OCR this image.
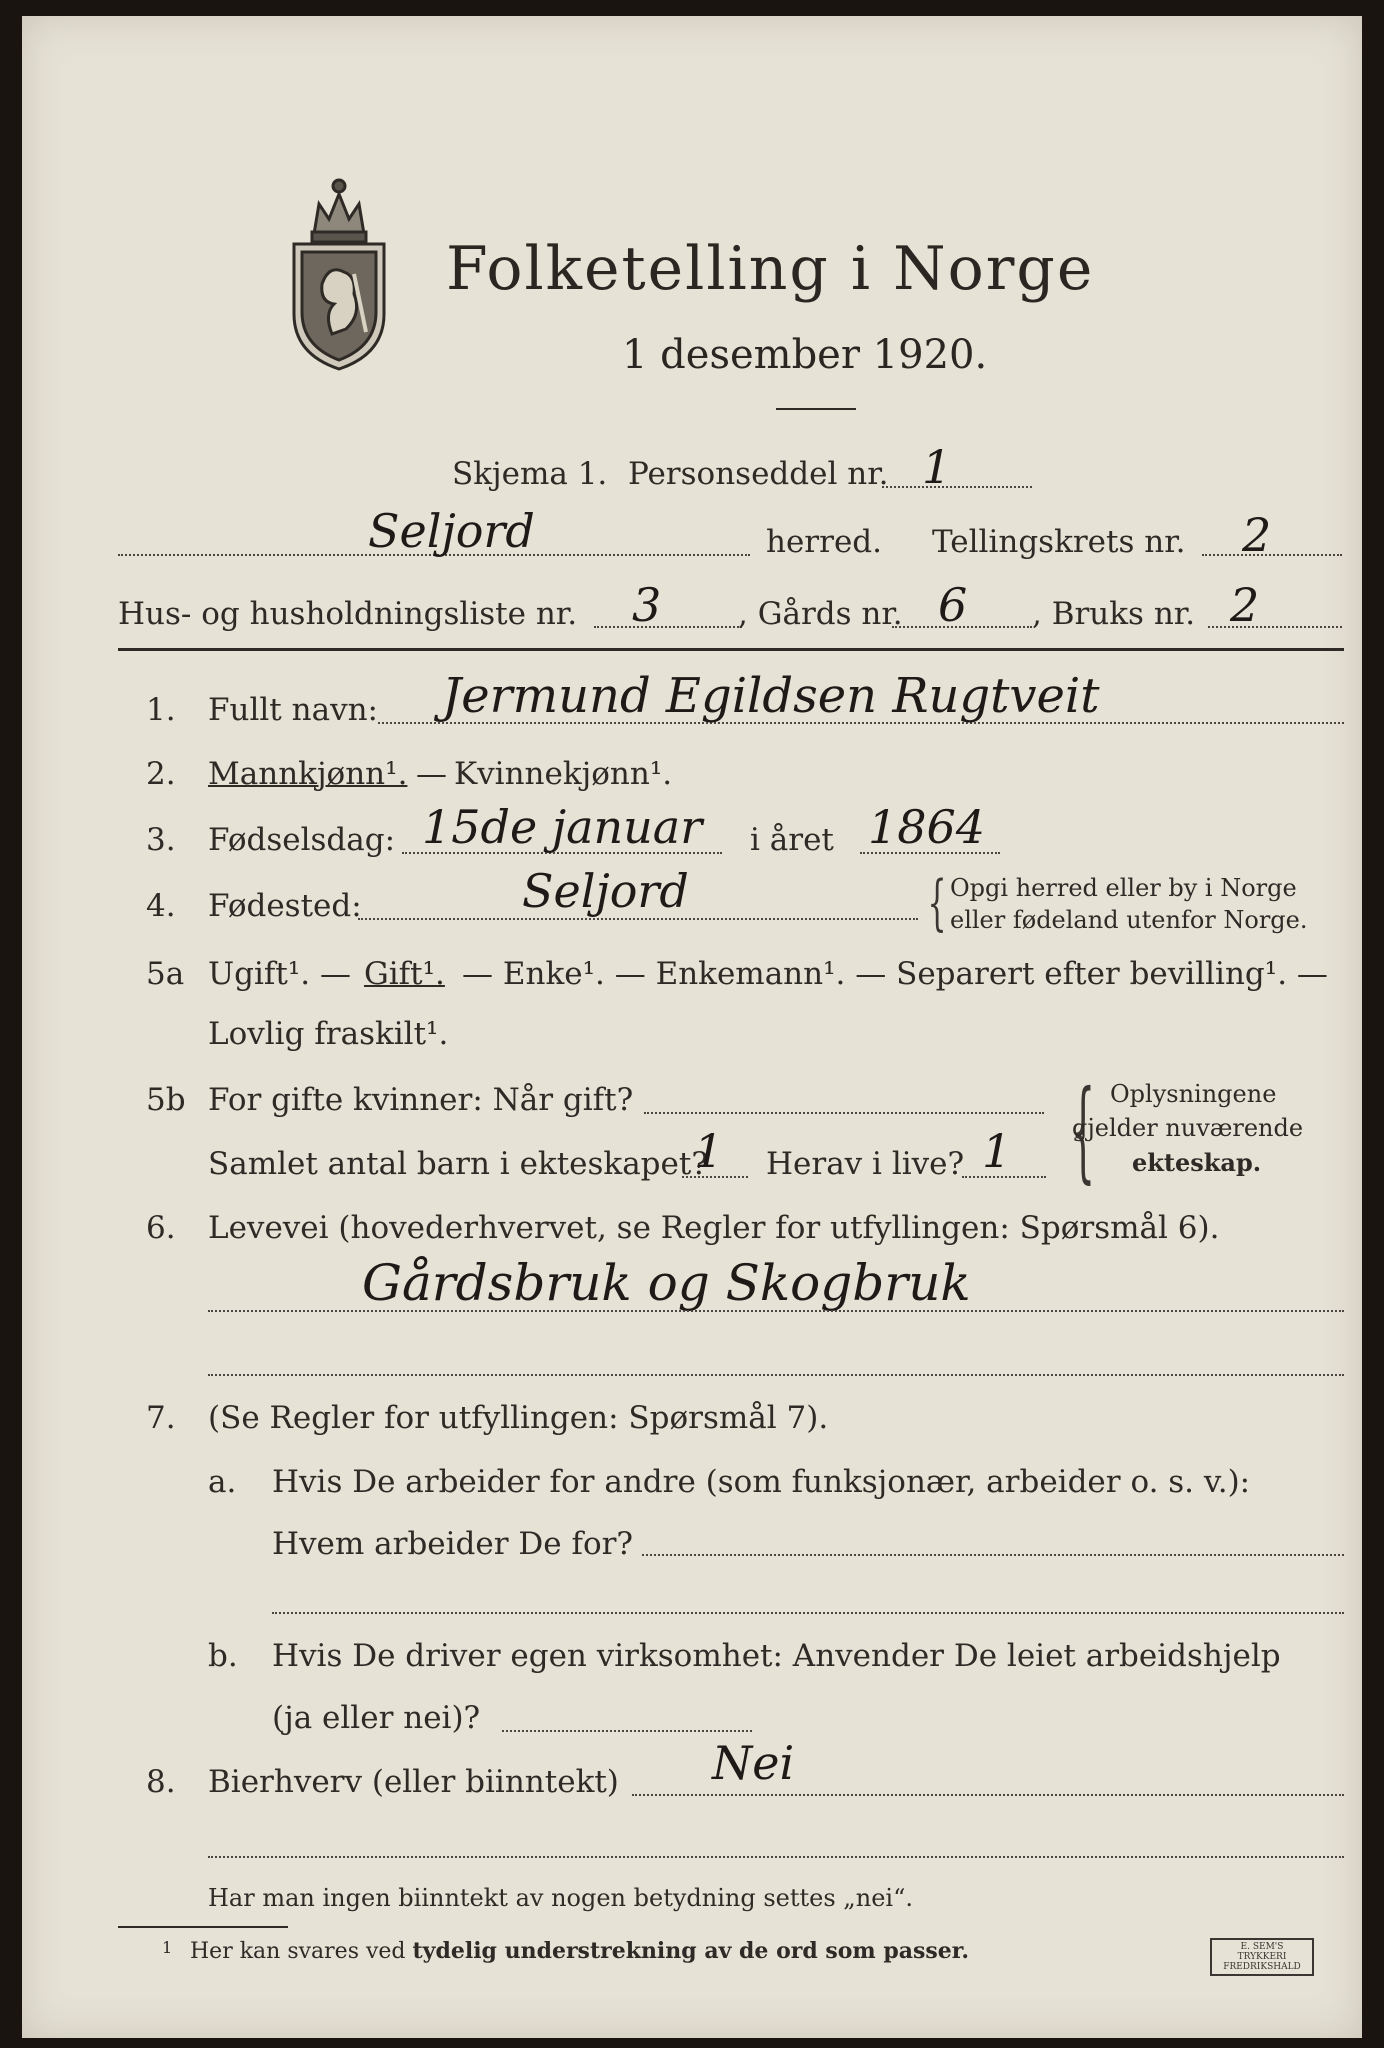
Folketelling i Norge
1 desember 1920.
Skjema 1. Personseddel nr. 1
Seljord	herred. Tellingskrets nr. 2
Hus- og husholdningsliste nr. 3 , Gårds nr. 6 , Bruks nr. 2
1. Fullt navn: Jermund Egildsen Rugtveit
2. Mannkjønn¹. — Kvinnekjønn¹.
3. Fødselsdag: 15de januar i året 1864
4. Fødested:	Seljord	{ Opgi herred eller by i Norge
eller fødeland utenfor Norge.
5a Ugift¹. — Gift¹. — Enke¹. — Enkemann¹. — Separert efter bevilling¹. —
Lovlig fraskilt¹.
5b For gifte kvinner: Når gift?
Samlet antal barn i ekteskapet?
1 Herav i live? 1 { Oplysningene
gjelder nuværende
ekteskap.
6. Levevei (hovederhvervet, se Regler for utfyllingen: Spørsmål 6).
Gårdsbruk og Skogbruk
7. (Se Regler for utfyllingen: Spørsmål 7).
a. Hvis De arbeider for andre (som funksjonær, arbeider o. s. v.):
Hvem arbeider De for?
b. Hvis De driver egen virksomhet: Anvender De leiet arbeidshjelp
(ja eller nei)?
8. Bierhverv (eller biinntekt) Nei
Har man ingen biinntekt av nogen betydning settes „nei“.
1 Her kan svares ved tydelig understrekning av de ord som passer.	E. SEM'S TRYKKERI FREDRIKSHALD
